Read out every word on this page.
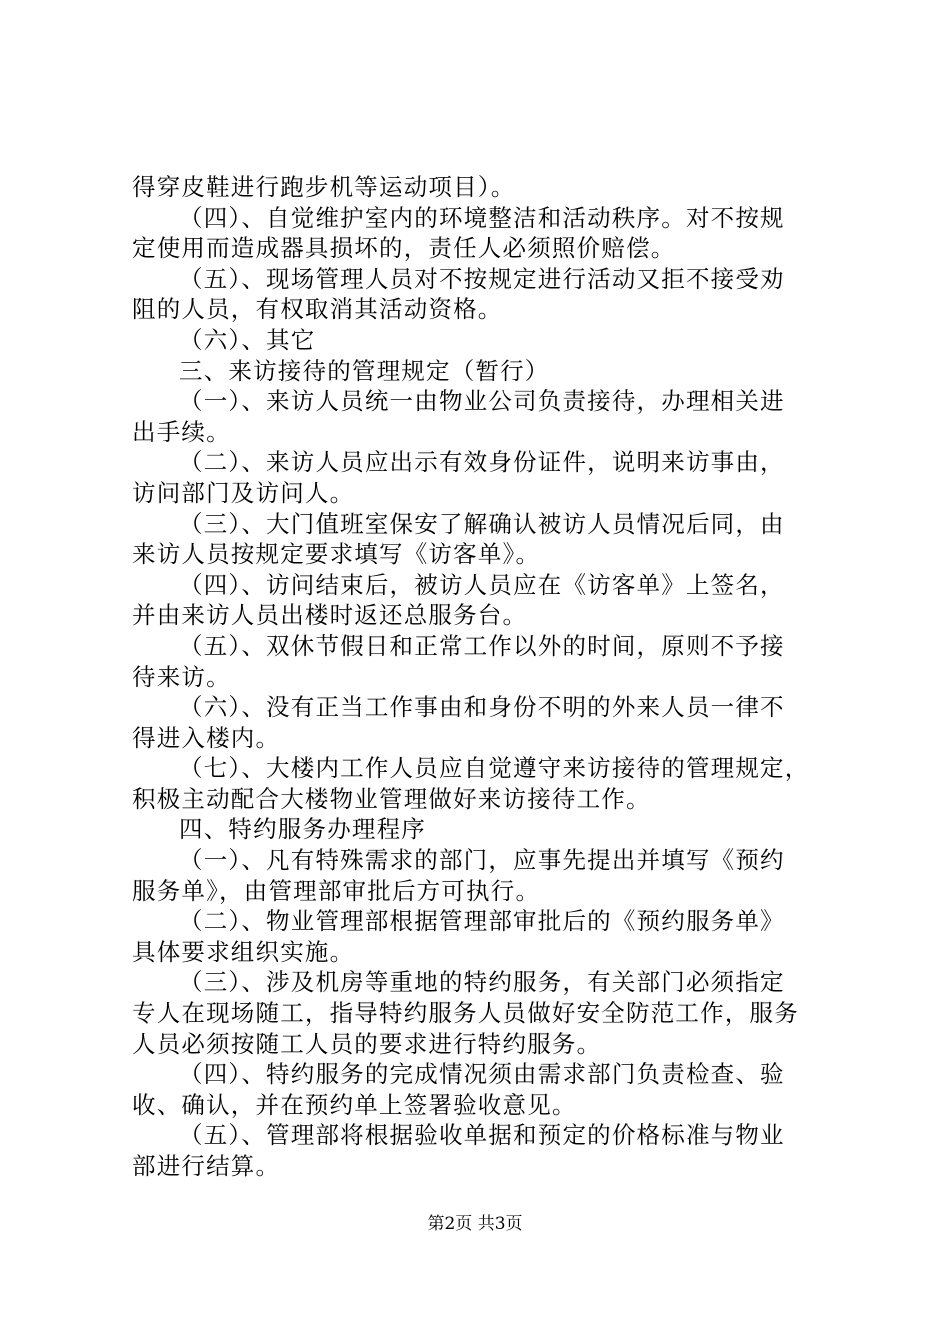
得穿皮鞋进行跑步机等运动项目）。
（四）、自觉维护室内的环境整洁和活动秩序。对不按规
定使用而造成器具损坏的，责任人必须照价赔偿。
（五）、现场管理人员对不按规定进行活动又拒不接受劝
阻的人员，有权取消其活动资格。
（六）、其它
三、来访接待的管理规定（暂行）
（一）、来访人员统一由物业公司负责接待，办理相关进
出手续。
（二）、来访人员应出示有效身份证件，说明来访事由，
访问部门及访问人。
（三）、大门值班室保安了解确认被访人员情况后同，由
来访人员按规定要求填写《访客单》。
（四）、访问结束后，被访人员应在《访客单》上签名，
并由来访人员出楼时返还总服务台。
（五）、双休节假日和正常工作以外的时间，原则不予接
待来访。
（六）、没有正当工作事由和身份不明的外来人员一律不
得进入楼内。
（七）、大楼内工作人员应自觉遵守来访接待的管理规定，
积极主动配合大楼物业管理做好来访接待工作。
四、特约服务办理程序
（一）、凡有特殊需求的部门，应事先提出并填写《预约
服务单》，由管理部审批后方可执行。
（二）、物业管理部根据管理部审批后的《预约服务单》
具体要求组织实施。
（三）、涉及机房等重地的特约服务，有关部门必须指定
专人在现场随工，指导特约服务人员做好安全防范工作，服务
人员必须按随工人员的要求进行特约服务。
（四）、特约服务的完成情况须由需求部门负责检查、验
收、确认，并在预约单上签署验收意见。
（五）、管理部将根据验收单据和预定的价格标准与物业
部进行结算。
第2页 共3页
